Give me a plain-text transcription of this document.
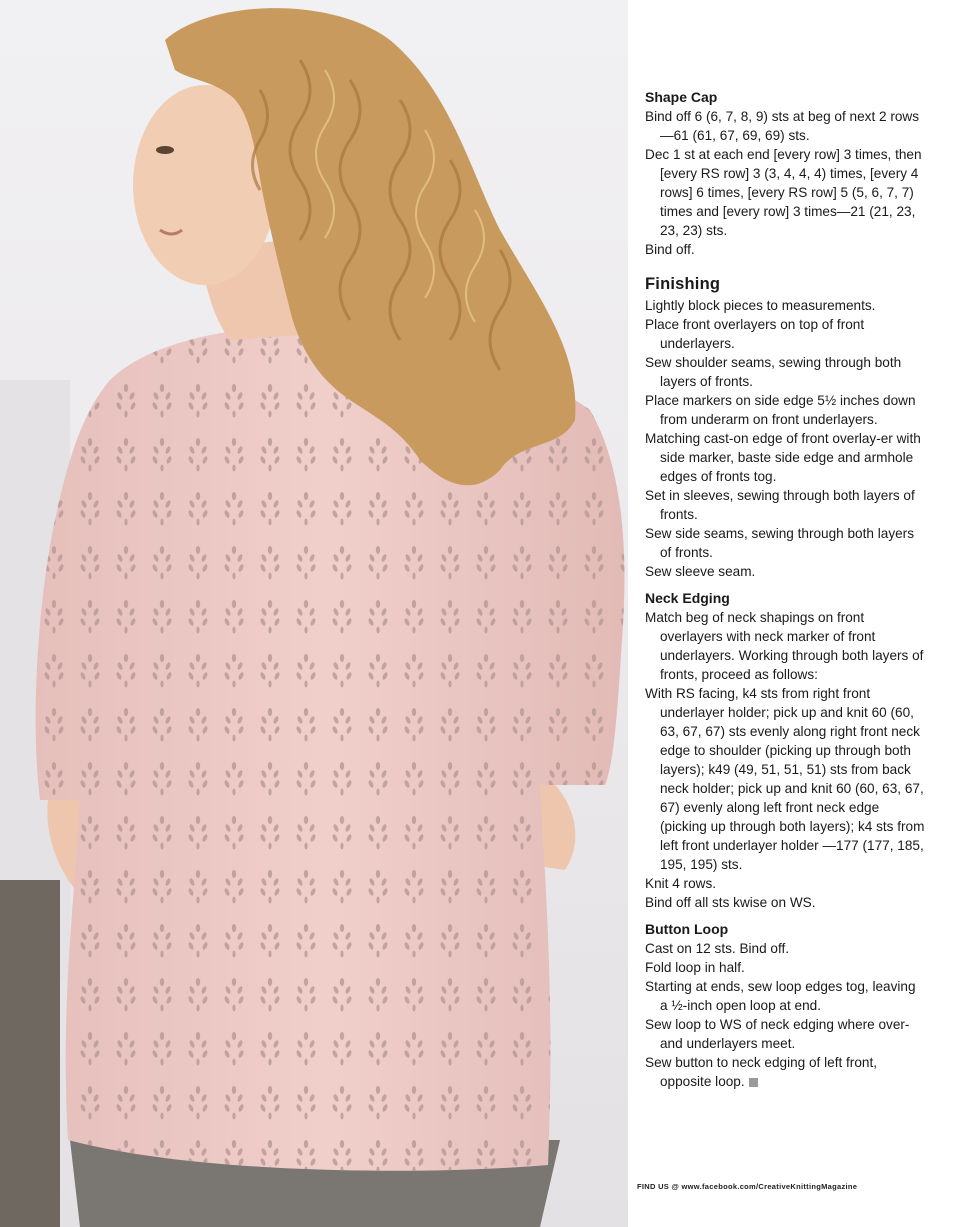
Shape Cap

Bind off 6 (6, 7, 8, 9) sts at beg of next 2 rows—61 (61, 67, 69, 69) sts.

Dec 1 st at each end [every row] 3 times, then [every RS row] 3 (3, 4, 4, 4) times, [every 4 rows] 6 times, [every RS row] 5 (5, 6, 7, 7) times and [every row] 3 times—21 (21, 23, 23, 23) sts.

Bind off.

Finishing

Lightly block pieces to measurements.

Place front overlayers on top of front underlayers.

Sew shoulder seams, sewing through both layers of fronts.

Place markers on side edge 5½ inches down from underarm on front underlayers.

Matching cast-on edge of front overlay-er with side marker, baste side edge and armhole edges of fronts tog.

Set in sleeves, sewing through both layers of fronts.

Sew side seams, sewing through both layers of fronts.

Sew sleeve seam.

Neck Edging

Match beg of neck shapings on front overlayers with neck marker of front underlayers. Working through both layers of fronts, proceed as follows:

With RS facing, k4 sts from right front underlayer holder; pick up and knit 60 (60, 63, 67, 67) sts evenly along right front neck edge to shoulder (picking up through both layers); k49 (49, 51, 51, 51) sts from back neck holder; pick up and knit 60 (60, 63, 67, 67) evenly along left front neck edge (picking up through both layers); k4 sts from left front underlayer holder —177 (177, 185, 195, 195) sts.

Knit 4 rows.

Bind off all sts kwise on WS.

Button Loop

Cast on 12 sts. Bind off.

Fold loop in half.

Starting at ends, sew loop edges tog, leaving a ½-inch open loop at end.

Sew loop to WS of neck edging where over- and underlayers meet.

Sew button to neck edging of left front, opposite loop.

FIND US @ www.facebook.com/CreativeKnittingMagazine
